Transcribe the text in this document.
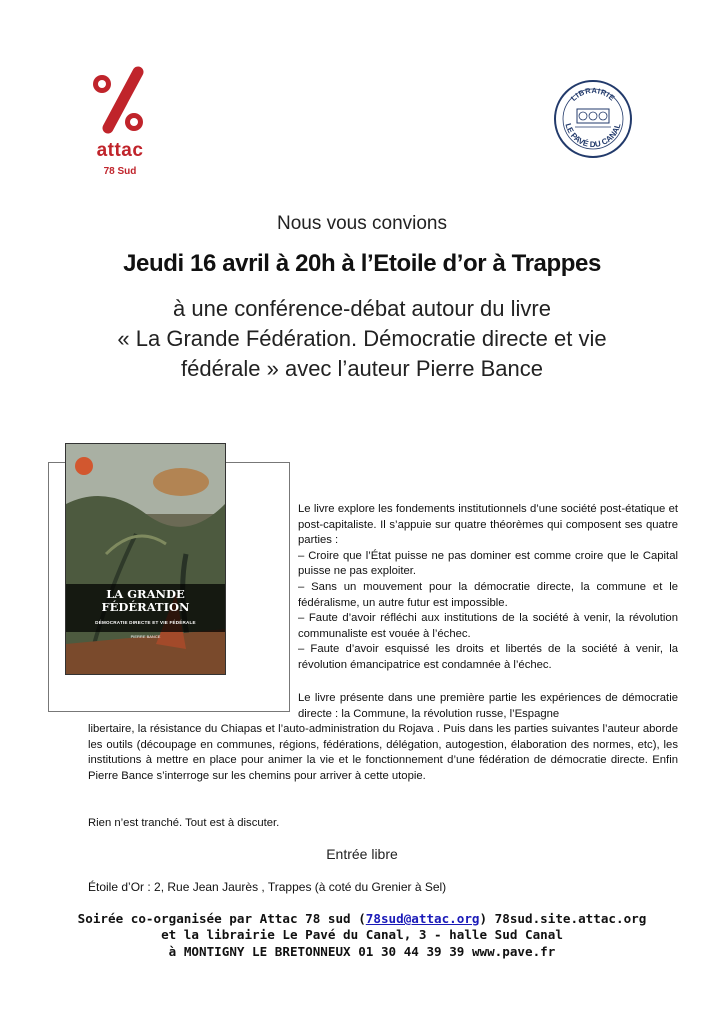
attac
78 Sud
LIBRAIRIE
LE PAVÉ DU CANAL
Nous vous convions
Jeudi 16 avril à 20h à l’Etoile d’or à Trappes
à une conférence-débat autour du livre
« La Grande Fédération. Démocratie directe et vie
fédérale » avec l’auteur Pierre Bance
LA GRANDE
FÉDÉRATION
DÉMOCRATIE DIRECTE ET VIE FÉDÉRALE
PIERRE BANCE
Le livre explore les fondements institutionnels d’une société post-étatique et post-capitaliste. Il s’appuie sur quatre théorèmes qui composent ses quatre parties :
– Croire que l’État puisse ne pas dominer est comme croire que le Capital puisse ne pas exploiter.
– Sans un mouvement pour la démocratie directe, la commune et le fédéralisme, un autre futur est impossible.
– Faute d’avoir réfléchi aux institutions de la société à venir, la révolution communaliste est vouée à l’échec.
– Faute d’avoir esquissé les droits et libertés de la société à venir, la révolution émancipatrice est condamnée à l’échec.
Le livre présente dans une première partie les expériences de démocratie directe : la Commune, la révolution russe, l’Espagne
libertaire, la résistance du Chiapas et l’auto-administration du Rojava . Puis dans les parties suivantes l’auteur aborde les outils (découpage en communes, régions, fédérations, délégation, autogestion, élaboration des normes, etc), les institutions à mettre en place pour animer la vie et le fonctionnement d’une fédération de démocratie directe. Enfin Pierre Bance s’interroge sur les chemins pour arriver à cette utopie.
Rien n’est tranché. Tout est à discuter.
Entrée libre
Étoile d’Or : 2, Rue Jean Jaurès , Trappes (à coté du Grenier à Sel)
Soirée co-organisée par Attac 78 sud (78sud@attac.org) 78sud.site.attac.org
et la librairie Le Pavé du Canal, 3 - halle Sud Canal
à MONTIGNY LE BRETONNEUX 01 30 44 39 39 www.pave.fr
